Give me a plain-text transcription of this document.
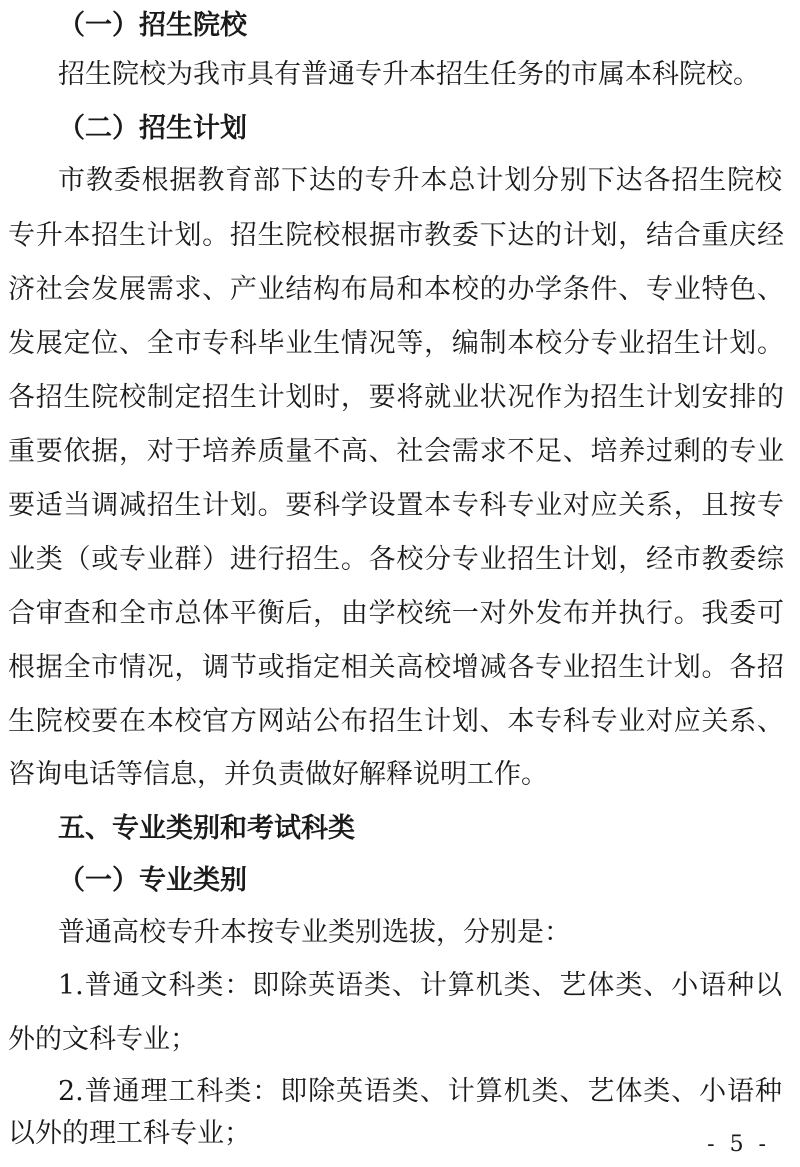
（一）招生院校
招生院校为我市具有普通专升本招生任务的市属本科院校。
（二）招生计划
市教委根据教育部下达的专升本总计划分别下达各招生院校
专升本招生计划。招生院校根据市教委下达的计划，结合重庆经
济社会发展需求、产业结构布局和本校的办学条件、专业特色、
发展定位、全市专科毕业生情况等，编制本校分专业招生计划。
各招生院校制定招生计划时，要将就业状况作为招生计划安排的
重要依据，对于培养质量不高、社会需求不足、培养过剩的专业
要适当调减招生计划。要科学设置本专科专业对应关系，且按专
业类（或专业群）进行招生。各校分专业招生计划，经市教委综
合审查和全市总体平衡后，由学校统一对外发布并执行。我委可
根据全市情况，调节或指定相关高校增减各专业招生计划。各招
生院校要在本校官方网站公布招生计划、本专科专业对应关系、
咨询电话等信息，并负责做好解释说明工作。
五、专业类别和考试科类
（一）专业类别
普通高校专升本按专业类别选拔，分别是：
1.普通文科类：即除英语类、计算机类、艺体类、小语种以
外的文科专业；
2.普通理工科类：即除英语类、计算机类、艺体类、小语种
以外的理工科专业；	- 5 -
